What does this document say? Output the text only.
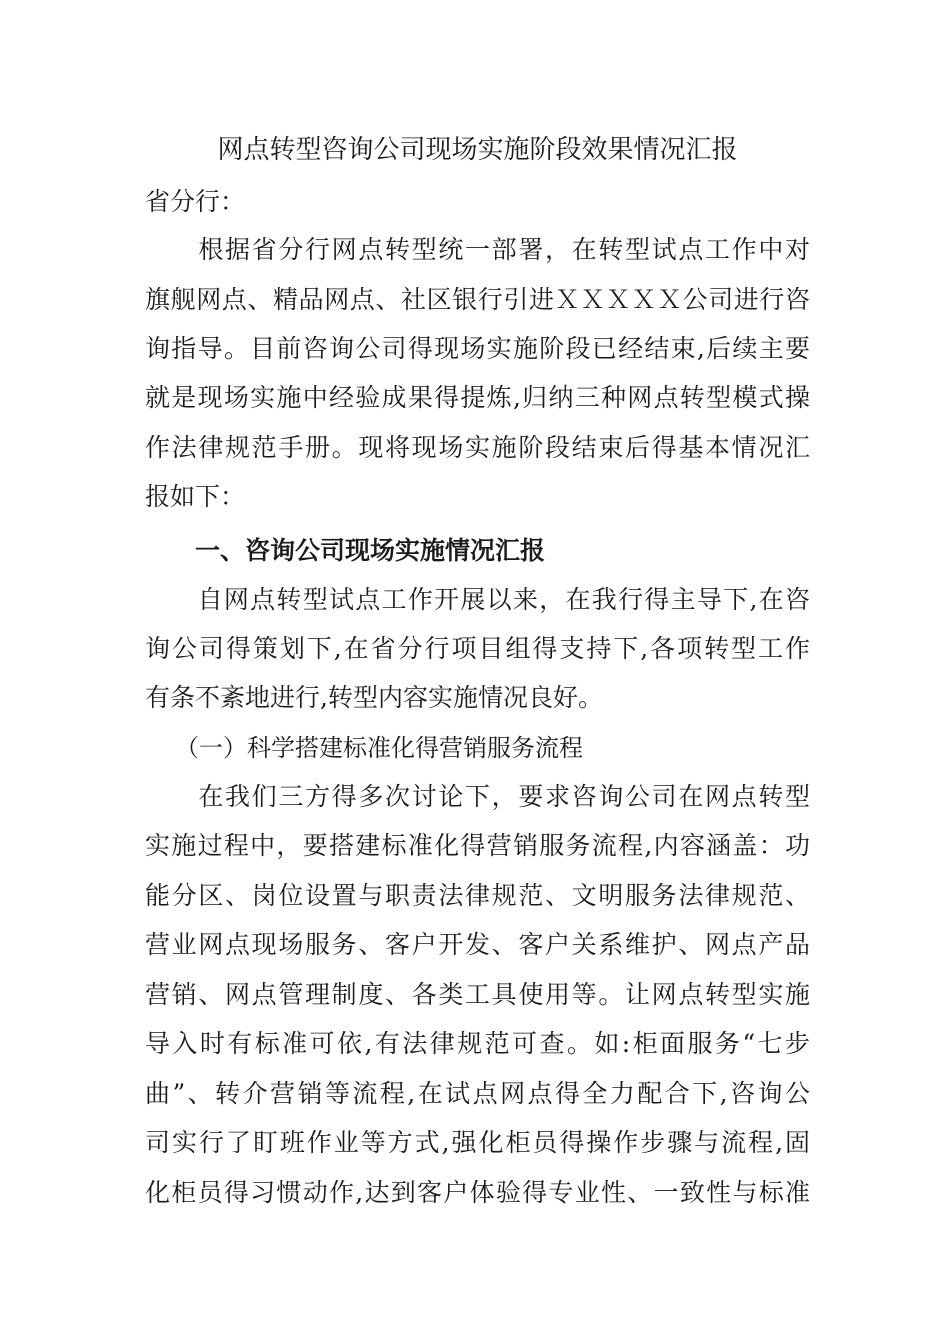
网点转型咨询公司现场实施阶段效果情况汇报
省分行：
　　根据省分行网点转型统一部署，在转型试点工作中对
旗舰网点、精品网点、社区银行引进ＸＸＸＸＸ公司进行咨
询指导。目前咨询公司得现场实施阶段已经结束,后续主要
就是现场实施中经验成果得提炼,归纳三种网点转型模式操
作法律规范手册。现将现场实施阶段结束后得基本情况汇
报如下：
一、咨询公司现场实施情况汇报
　　自网点转型试点工作开展以来，在我行得主导下,在咨
询公司得策划下,在省分行项目组得支持下,各项转型工作
有条不紊地进行,转型内容实施情况良好。
（一）科学搭建标准化得营销服务流程
　　在我们三方得多次讨论下，要求咨询公司在网点转型
实施过程中，要搭建标准化得营销服务流程,内容涵盖：功
能分区、岗位设置与职责法律规范、文明服务法律规范、
营业网点现场服务、客户开发、客户关系维护、网点产品
营销、网点管理制度、各类工具使用等。让网点转型实施
导入时有标准可依,有法律规范可查。如:柜面服务“七步
曲”、转介营销等流程,在试点网点得全力配合下,咨询公
司实行了盯班作业等方式,强化柜员得操作步骤与流程,固
化柜员得习惯动作,达到客户体验得专业性、一致性与标准
